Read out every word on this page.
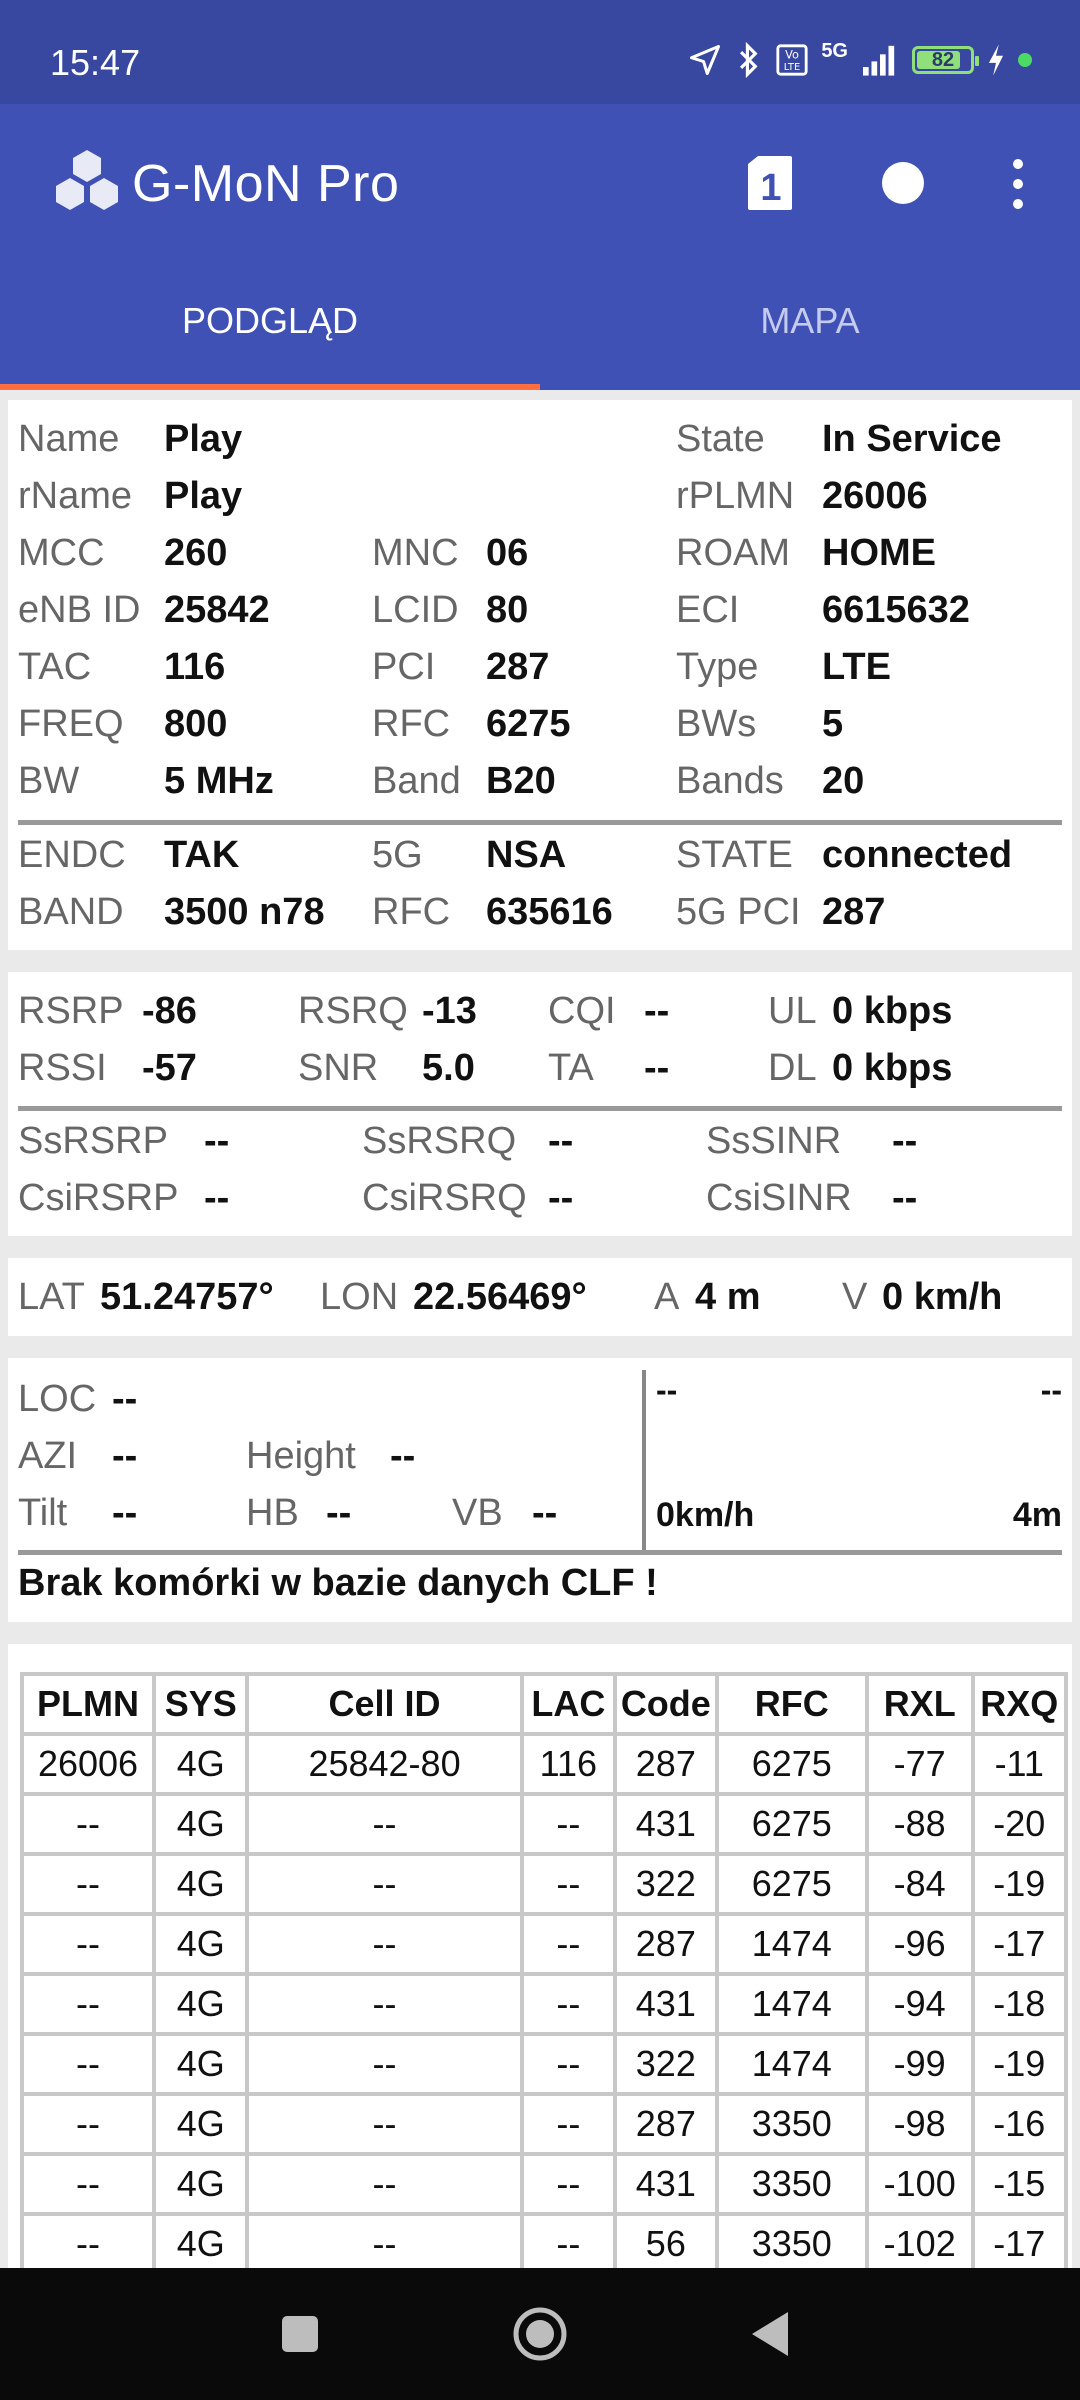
15:47	Vo
LTE
5G	82
G-MoN Pro	1
PODGLĄD	MAPA
Name Play	State In Service
rName Play	rPLMN 26006
MCC 260	MNC 06	ROAM HOME
eNB ID 25842	LCID 80	ECI 6615632
TAC 116	PCI 287	Type LTE
FREQ 800	RFC 6275	BWs 5
BW 5 MHz	Band B20	Bands 20
ENDC TAK	5G NSA	STATE connected
BAND 3500 n78 RFC 635616 5G PCI 287
RSRP -86	RSRQ -13 CQI --	UL 0 kbps
RSSI -57	SNR 5.0 TA --	DL 0 kbps
SsRSRP --	SsRSRQ --	SsSINR --
CsiRSRP --	CsiRSRQ --	CsiSINR --
LAT 51.24757° LON 22.56469° A 4 m V 0 km/h
LOC --
AZI --	Height --
Tilt --	HB --	VB --
--	--
0km/h	4m
Brak komórki w bazie danych CLF !
PLMN	SYS	Cell ID	LAC	Code	RFC	RXL	RXQ
26006	4G	25842-80	116	287	6275	-77	-11
--	4G	--	--	431	6275	-88	-20
--	4G	--	--	322	6275	-84	-19
--	4G	--	--	287	1474	-96	-17
--	4G	--	--	431	1474	-94	-18
--	4G	--	--	322	1474	-99	-19
--	4G	--	--	287	3350	-98	-16
--	4G	--	--	431	3350	-100	-15
--	4G	--	--	56	3350	-102	-17
